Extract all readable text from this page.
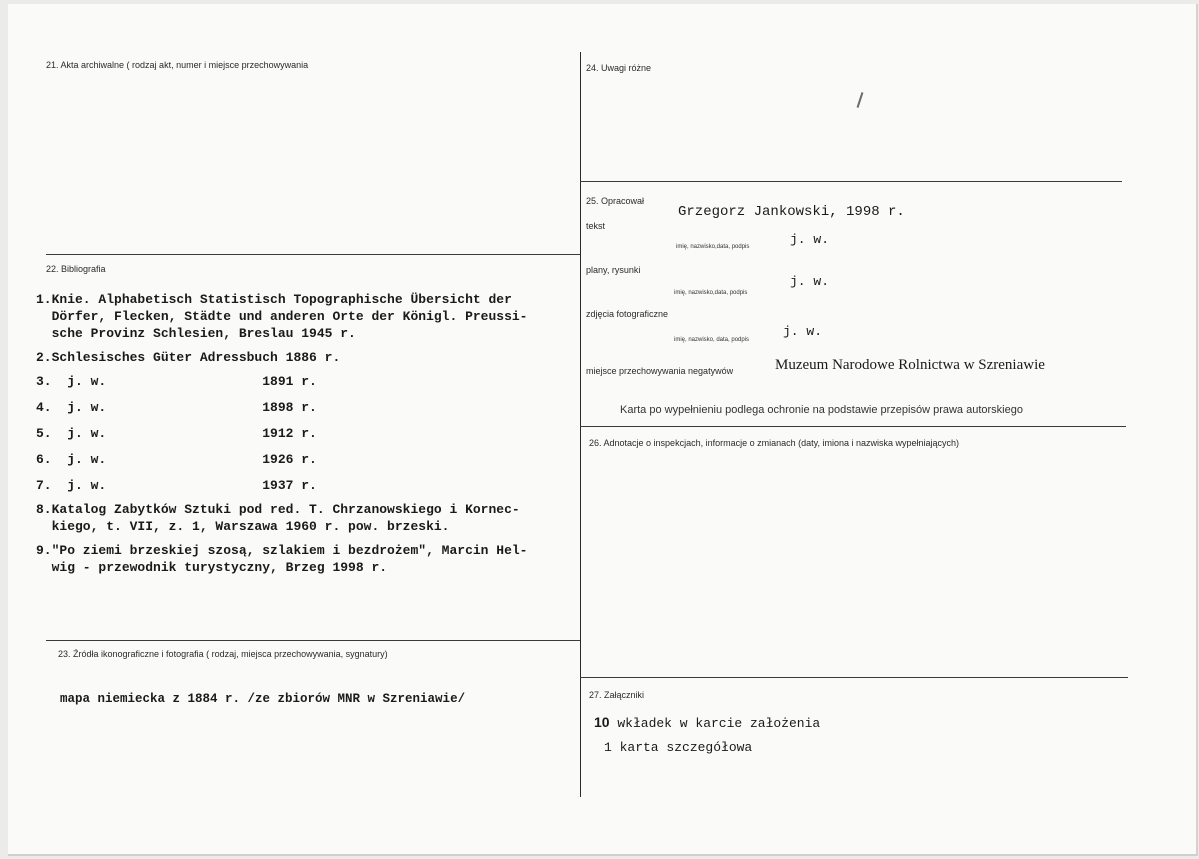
21. Akta archiwalne ( rodzaj akt, numer i miejsce przechowywania
22. Bibliografia
1.Knie. Alphabetisch Statistisch Topographische Übersicht der
Dörfer, Flecken, Städte und anderen Orte der Königl. Preussi-
sche Provinz Schlesien, Breslau 1945 r.
2.Schlesisches Güter Adressbuch 1886 r.
3.  j. w.                    1891 r.
4.  j. w.                    1898 r.
5.  j. w.                    1912 r.
6.  j. w.                    1926 r.
7.  j. w.                    1937 r.
8.Katalog Zabytków Sztuki pod red. T. Chrzanowskiego i Kornec-
kiego, t. VII, z. 1, Warszawa 1960 r. pow. brzeski.
9."Po ziemi brzeskiej szosą, szlakiem i bezdrożem", Marcin Hel-
wig - przewodnik turystyczny, Brzeg 1998 r.
23. Źródła ikonograficzne i fotografia ( rodzaj, miejsca przechowywania, sygnatury)
mapa niemiecka z 1884 r. /ze zbiorów MNR w Szreniawie/
24. Uwagi różne
25. Opracował
tekst
Grzegorz Jankowski, 1998 r.
imię, nazwisko,data, podpis	j. w.
plany, rysunki
j. w.
imię, nazwisko,data, podpis
zdjęcia fotograficzne
imię, nazwisko, data, podpis
j. w.
miejsce przechowywania negatywów	Muzeum Narodowe Rolnictwa w Szreniawie
Karta po wypełnieniu podlega ochronie na podstawie przepisów prawa autorskiego
26. Adnotacje o inspekcjach, informacje o zmianach (daty, imiona i nazwiska wypełniających)
27. Załączniki
10 wkładek w karcie założenia
1 karta szczegółowa
